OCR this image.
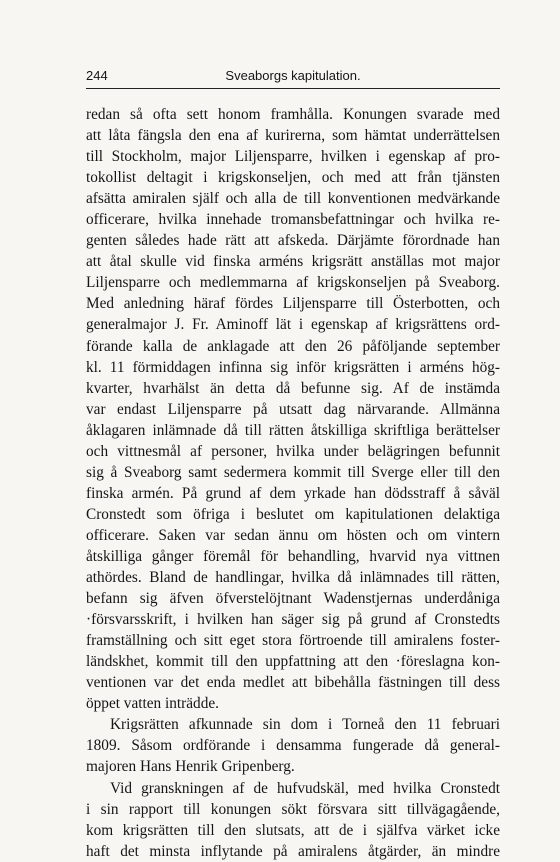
244	Sveaborgs kapitulation.
redan så ofta sett honom framhålla. Konungen svarade med
att låta fängsla den ena af kurirerna, som hämtat underrättelsen
till Stockholm, major Liljensparre, hvilken i egenskap af pro-
tokollist deltagit i krigskonseljen, och med att från tjänsten
afsätta amiralen själf och alla de till konventionen medvärkande
officerare, hvilka innehade tromansbefattningar och hvilka re-
genten således hade rätt att afskeda. Därjämte förordnade han
att åtal skulle vid finska arméns krigsrätt anställas mot major
Liljensparre och medlemmarna af krigskonseljen på Sveaborg.
Med anledning häraf fördes Liljensparre till Österbotten, och
generalmajor J. Fr. Aminoff lät i egenskap af krigsrättens ord-
förande kalla de anklagade att den 26 påföljande september
kl. 11 förmiddagen infinna sig inför krigsrätten i arméns hög-
kvarter, hvarhälst än detta då befunne sig. Af de instämda
var endast Liljensparre på utsatt dag närvarande. Allmänna
åklagaren inlämnade då till rätten åtskilliga skriftliga berättelser
och vittnesmål af personer, hvilka under belägringen befunnit
sig å Sveaborg samt sedermera kommit till Sverge eller till den
finska armén. På grund af dem yrkade han dödsstraff å såväl
Cronstedt som öfriga i beslutet om kapitulationen delaktiga
officerare. Saken var sedan ännu om hösten och om vintern
åtskilliga gånger föremål för behandling, hvarvid nya vittnen
athördes. Bland de handlingar, hvilka då inlämnades till rätten,
befann sig äfven öfverstelöjtnant Wadenstjernas underdåniga
·försvarsskrift, i hvilken han säger sig på grund af Cronstedts
framställning och sitt eget stora förtroende till amiralens foster-
ländskhet, kommit till den uppfattning att den ·föreslagna kon-
ventionen var det enda medlet att bibehålla fästningen till dess
öppet vatten inträdde.
Krigsrätten afkunnade sin dom i Torneå den 11 februari
1809. Såsom ordförande i densamma fungerade då general-
majoren Hans Henrik Gripenberg.
Vid granskningen af de hufvudskäl, med hvilka Cronstedt
i sin rapport till konungen sökt försvara sitt tillvägagående,
kom krigsrätten till den slutsats, att de i själfva värket icke
haft det minsta inflytande på amiralens åtgärder, än mindre
